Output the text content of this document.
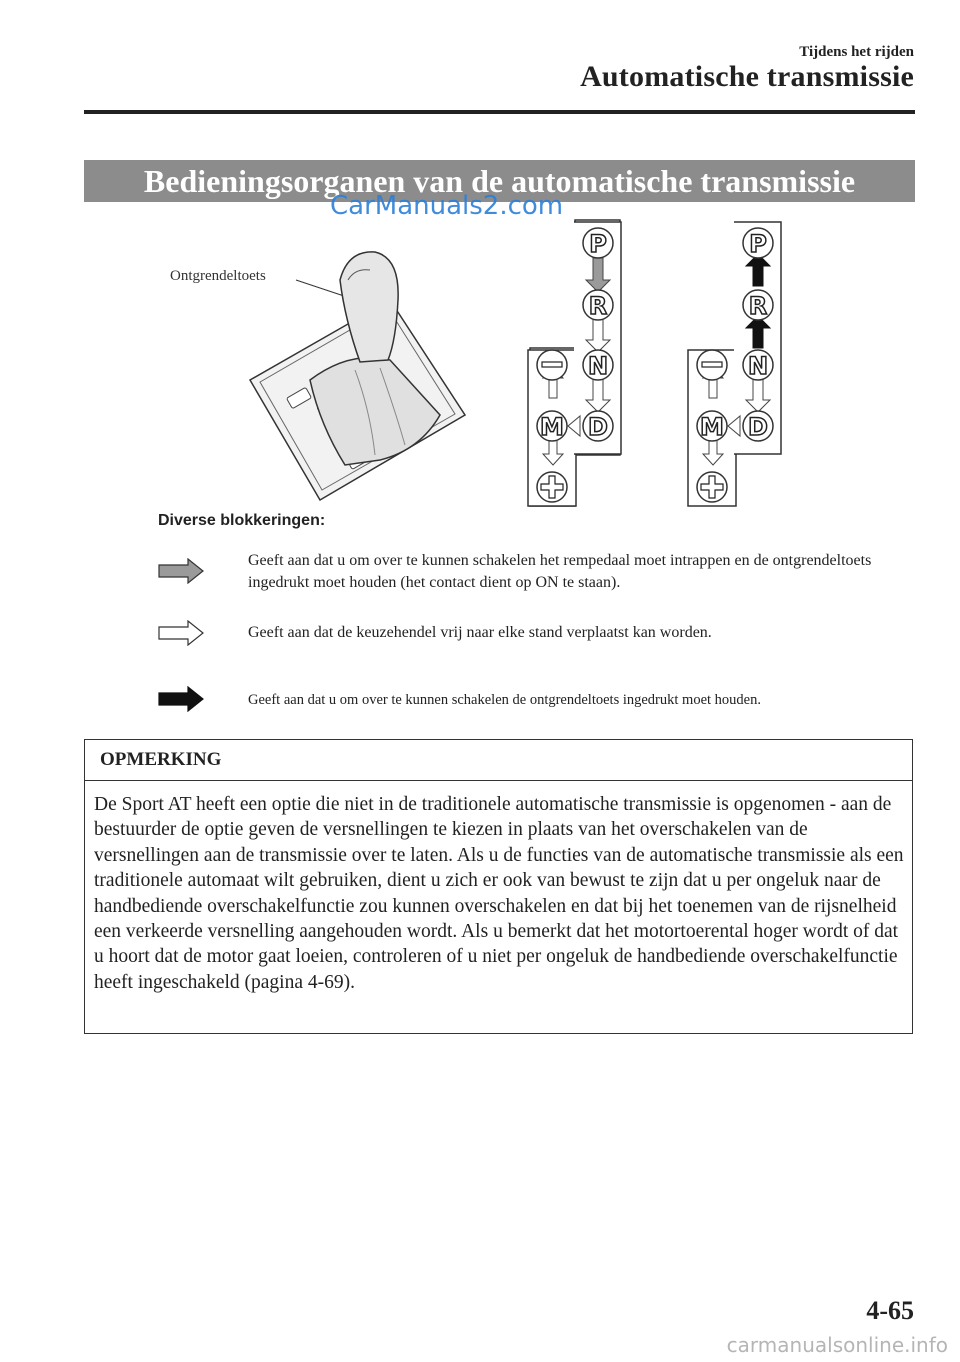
Tijdens het rijden
Automatische transmissie
Bedieningsorganen van de automatische transmissie
CarManuals2.com
Ontgrendeltoets
P
R
N
D
M
P
R
N
D
M
Diverse blokkeringen:
Geeft aan dat u om over te kunnen schakelen het rempedaal moet intrappen en de ontgrendeltoets ingedrukt moet houden (het contact dient op ON te staan).
Geeft aan dat de keuzehendel vrij naar elke stand verplaatst kan worden.
Geeft aan dat u om over te kunnen schakelen de ontgrendeltoets ingedrukt moet houden.
OPMERKING
De Sport AT heeft een optie die niet in de traditionele automatische transmissie is opgenomen - aan de bestuurder de optie geven de versnellingen te kiezen in plaats van het overschakelen van de versnellingen aan de transmissie over te laten. Als u de functies van de automatische transmissie als een traditionele automaat wilt gebruiken, dient u zich er ook van bewust te zijn dat u per ongeluk naar de handbediende overschakelfunctie zou kunnen overschakelen en dat bij het toenemen van de rijsnelheid een verkeerde versnelling aangehouden wordt. Als u bemerkt dat het motortoerental hoger wordt of dat u hoort dat de motor gaat loeien, controleren of u niet per ongeluk de handbediende overschakelfunctie heeft ingeschakeld (pagina 4-69).
4-65
carmanualsonline.info
